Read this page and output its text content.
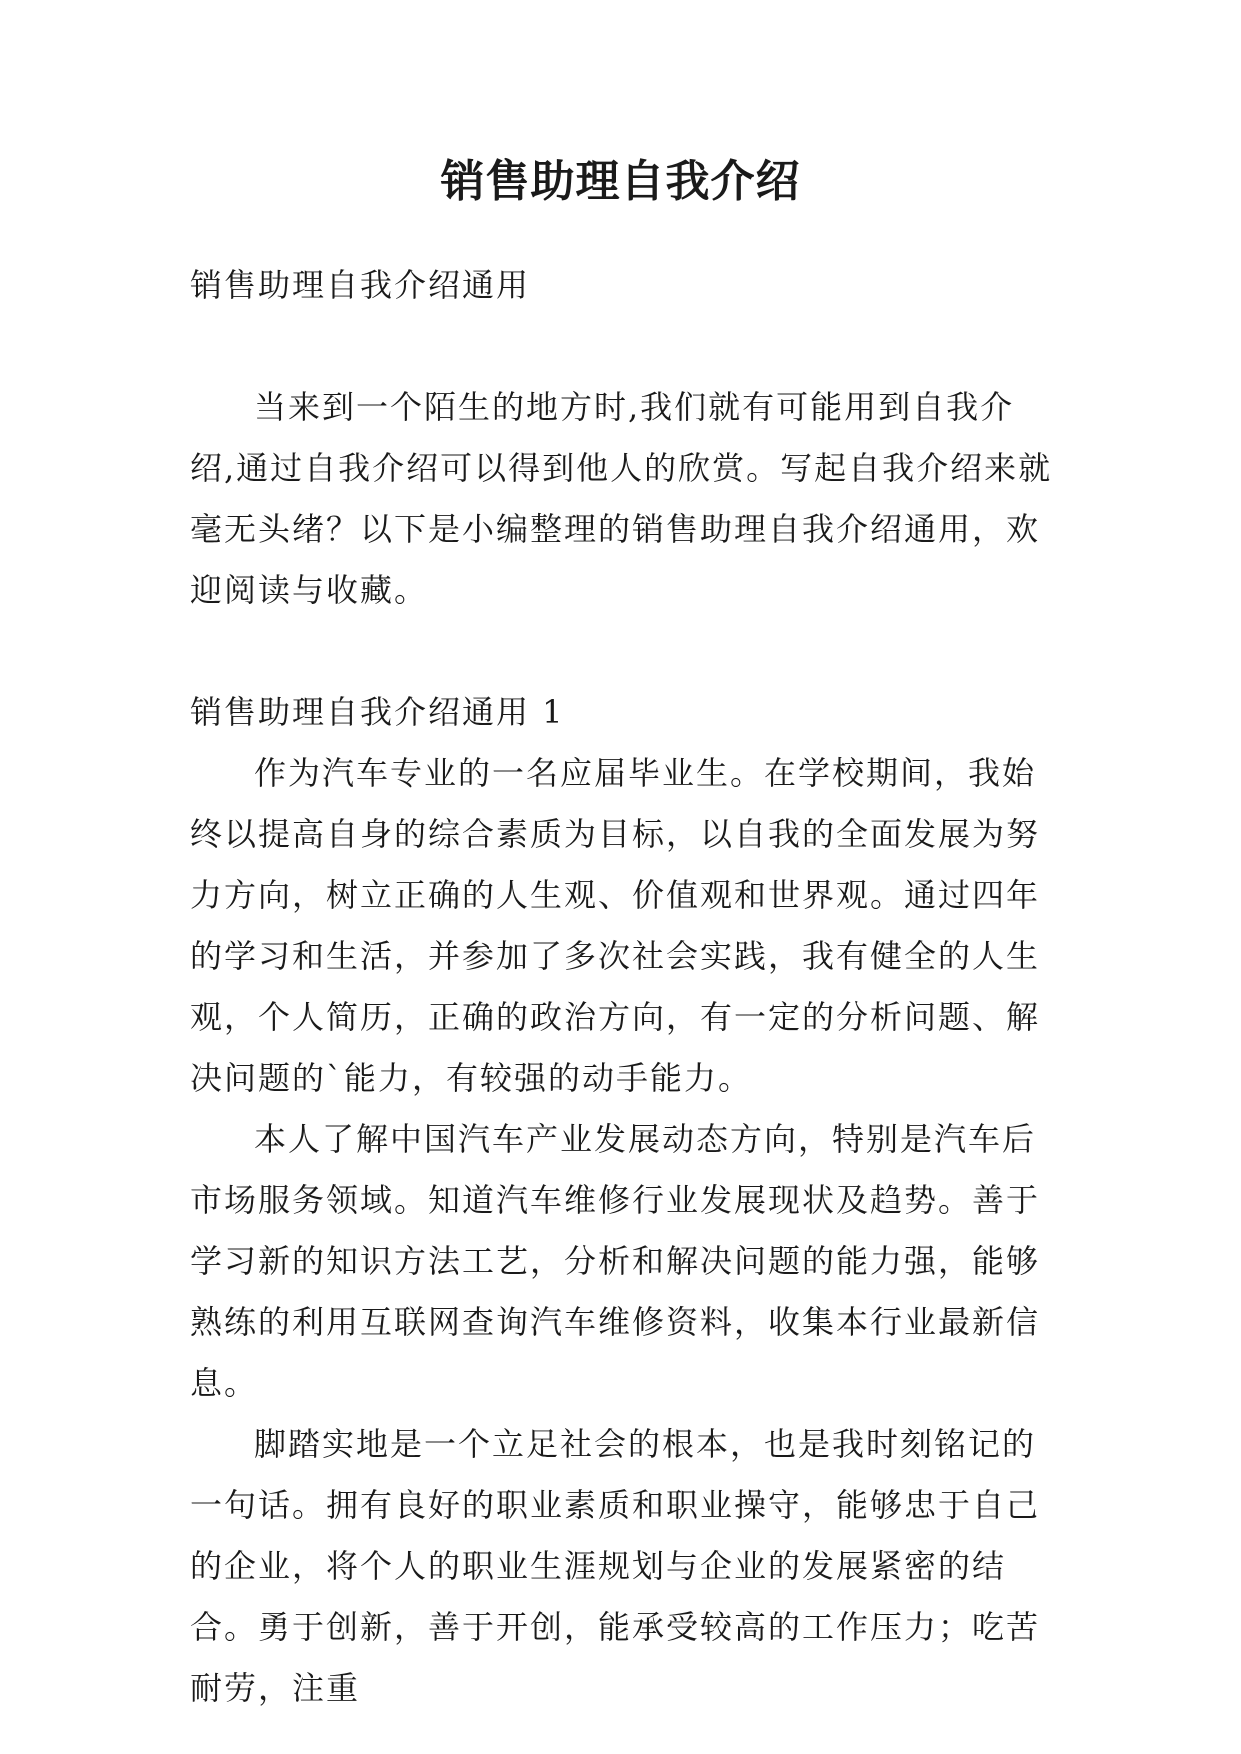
销售助理自我介绍

销售助理自我介绍通用

当来到一个陌生的地方时,我们就有可能用到自我介绍,通过自我介绍可以得到他人的欣赏。写起自我介绍来就毫无头绪？以下是小编整理的销售助理自我介绍通用，欢迎阅读与收藏。

销售助理自我介绍通用 1

作为汽车专业的一名应届毕业生。在学校期间，我始终以提高自身的综合素质为目标，以自我的全面发展为努力方向，树立正确的人生观、价值观和世界观。通过四年的学习和生活，并参加了多次社会实践，我有健全的人生观，个人简历，正确的政治方向，有一定的分析问题、解决问题的`能力，有较强的动手能力。

本人了解中国汽车产业发展动态方向，特别是汽车后市场服务领域。知道汽车维修行业发展现状及趋势。善于学习新的知识方法工艺，分析和解决问题的能力强，能够熟练的利用互联网查询汽车维修资料，收集本行业最新信息。

脚踏实地是一个立足社会的根本，也是我时刻铭记的一句话。拥有良好的职业素质和职业操守，能够忠于自己的企业，将个人的职业生涯规划与企业的发展紧密的结合。勇于创新，善于开创，能承受较高的工作压力；吃苦耐劳，注重
